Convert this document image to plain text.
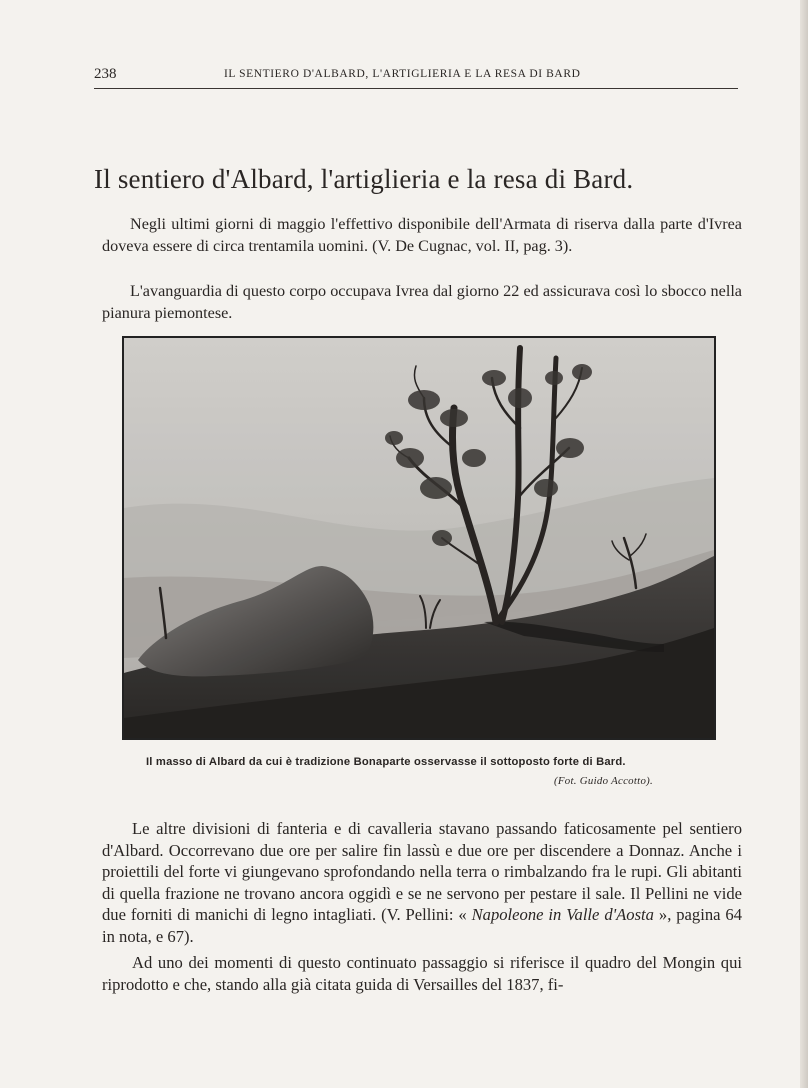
238	IL SENTIERO D'ALBARD, L'ARTIGLIERIA E LA RESA DI BARD
Il sentiero d'Albard, l'artiglieria e la resa di Bard.

Negli ultimi giorni di maggio l'effettivo disponibile dell'Armata di riserva dalla parte d'Ivrea doveva essere di circa trentamila uomini. (V. De Cugnac, vol. II, pag. 3).

L'avanguardia di questo corpo occupava Ivrea dal giorno 22 ed assicurava così lo sbocco nella pianura piemontese.

Il masso di Albard da cui è tradizione Bonaparte osservasse il sottoposto forte di Bard.

(Fot. Guido Accotto).

Le altre divisioni di fanteria e di cavalleria stavano passando faticosamente pel sentiero d'Albard. Occorrevano due ore per salire fin lassù e due ore per discendere a Donnaz. Anche i proiettili del forte vi giungevano sprofondando nella terra o rimbalzando fra le rupi. Gli abitanti di quella frazione ne trovano ancora oggidì e se ne servono per pestare il sale. Il Pellini ne vide due forniti di manichi di legno intagliati. (V. Pellini: « Napoleone in Valle d'Aosta », pagina 64 in nota, e 67).

Ad uno dei momenti di questo continuato passaggio si riferisce il quadro del Mongin qui riprodotto e che, stando alla già citata guida di Versailles del 1837, fi-
